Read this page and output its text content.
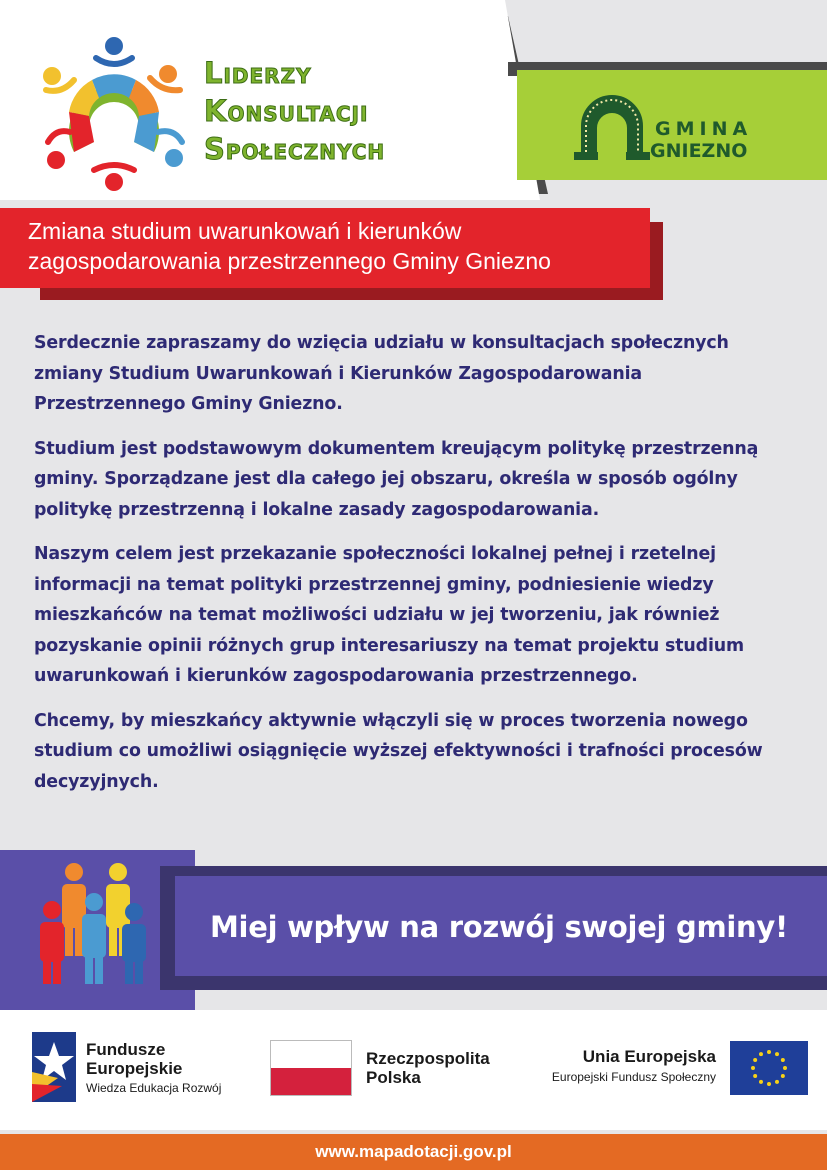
Liderzy
Konsultacji
Społecznych
GMINA
GNIEZNO
Zmiana studium uwarunkowań i kierunków
zagospodarowania przestrzennego Gminy Gniezno

Serdecznie zapraszamy do wzięcia udziału w konsultacjach społecznych
zmiany Studium Uwarunkowań i Kierunków Zagospodarowania
Przestrzennego Gminy Gniezno.

Studium jest podstawowym dokumentem kreującym politykę przestrzenną
gminy. Sporządzane jest dla całego jej obszaru, określa w sposób ogólny
politykę przestrzenną i lokalne zasady zagospodarowania.

Naszym celem jest przekazanie społeczności lokalnej pełnej i rzetelnej
informacji na temat polityki przestrzennej gminy, podniesienie wiedzy
mieszkańców na temat możliwości udziału w jej tworzeniu, jak również
pozyskanie opinii różnych grup interesariuszy na temat projektu studium
uwarunkowań i kierunków zagospodarowania przestrzennego.

Chcemy, by mieszkańcy aktywnie włączyli się w proces tworzenia nowego
studium co umożliwi osiągnięcie wyższej efektywności i trafności procesów
decyzyjnych.

Miej wpływ na rozwój swojej gminy!
Fundusze
Europejskie
Wiedza Edukacja Rozwój
Rzeczpospolita
Polska
Unia Europejska
Europejski Fundusz Społeczny
www.mapadotacji.gov.pl
